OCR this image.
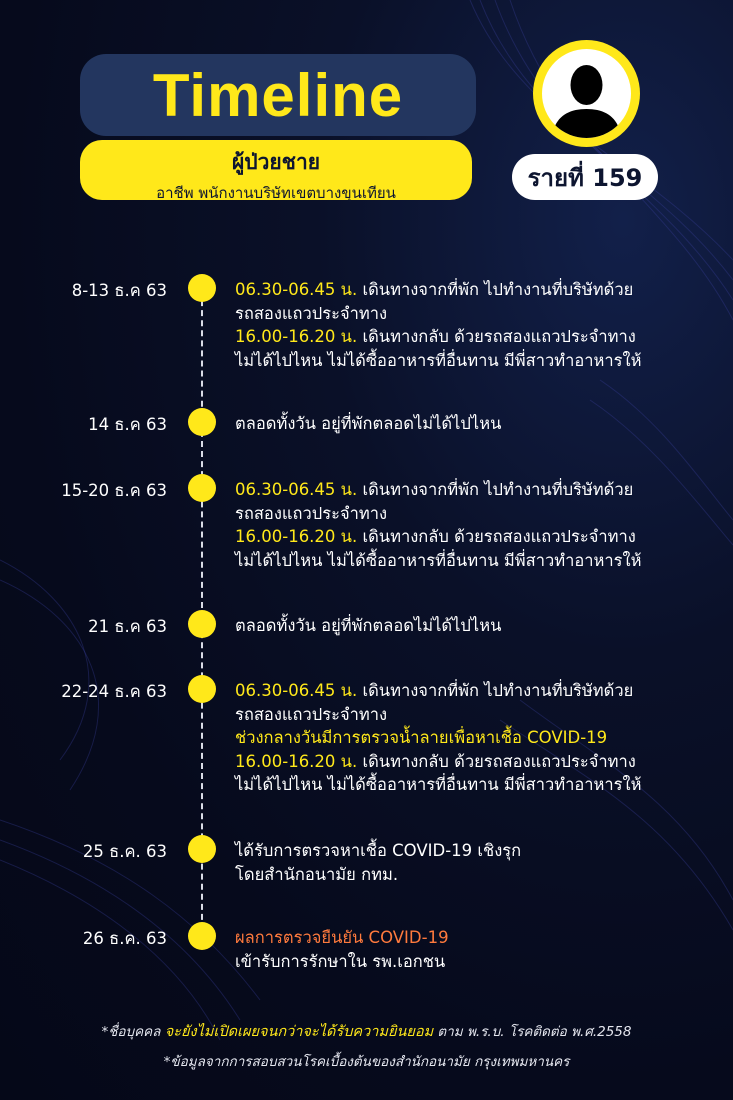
Timeline
ผู้ป่วยชาย
อาชีพ พนักงานบริษัทเขตบางขุนเทียน
รายที่ 159
8-13 ธ.ค 63	06.30-06.45 น. เดินทางจากที่พัก ไปทำงานที่บริษัทด้วย
รถสองแถวประจำทาง
16.00-16.20 น. เดินทางกลับ ด้วยรถสองแถวประจำทาง
ไม่ได้ไปไหน ไม่ได้ซื้ออาหารที่อื่นทาน มีพี่สาวทำอาหารให้
14 ธ.ค 63	ตลอดทั้งวัน อยู่ที่พักตลอดไม่ได้ไปไหน
15-20 ธ.ค 63	06.30-06.45 น. เดินทางจากที่พัก ไปทำงานที่บริษัทด้วย
รถสองแถวประจำทาง
16.00-16.20 น. เดินทางกลับ ด้วยรถสองแถวประจำทาง
ไม่ได้ไปไหน ไม่ได้ซื้ออาหารที่อื่นทาน มีพี่สาวทำอาหารให้
21 ธ.ค 63	ตลอดทั้งวัน อยู่ที่พักตลอดไม่ได้ไปไหน
22-24 ธ.ค 63	06.30-06.45 น. เดินทางจากที่พัก ไปทำงานที่บริษัทด้วย
รถสองแถวประจำทาง
ช่วงกลางวันมีการตรวจน้ำลายเพื่อหาเชื้อ COVID-19
16.00-16.20 น. เดินทางกลับ ด้วยรถสองแถวประจำทาง
ไม่ได้ไปไหน ไม่ได้ซื้ออาหารที่อื่นทาน มีพี่สาวทำอาหารให้
25 ธ.ค. 63	ได้รับการตรวจหาเชื้อ COVID-19 เชิงรุก
โดยสำนักอนามัย กทม.
26 ธ.ค. 63	ผลการตรวจยืนยัน COVID-19
เข้ารับการรักษาใน รพ.เอกชน
*ชื่อบุคคล จะยังไม่เปิดเผยจนกว่าจะได้รับความยินยอม ตาม พ.ร.บ. โรคติดต่อ พ.ศ.2558
*ข้อมูลจากการสอบสวนโรคเบื้องต้นของสำนักอนามัย กรุงเทพมหานคร
